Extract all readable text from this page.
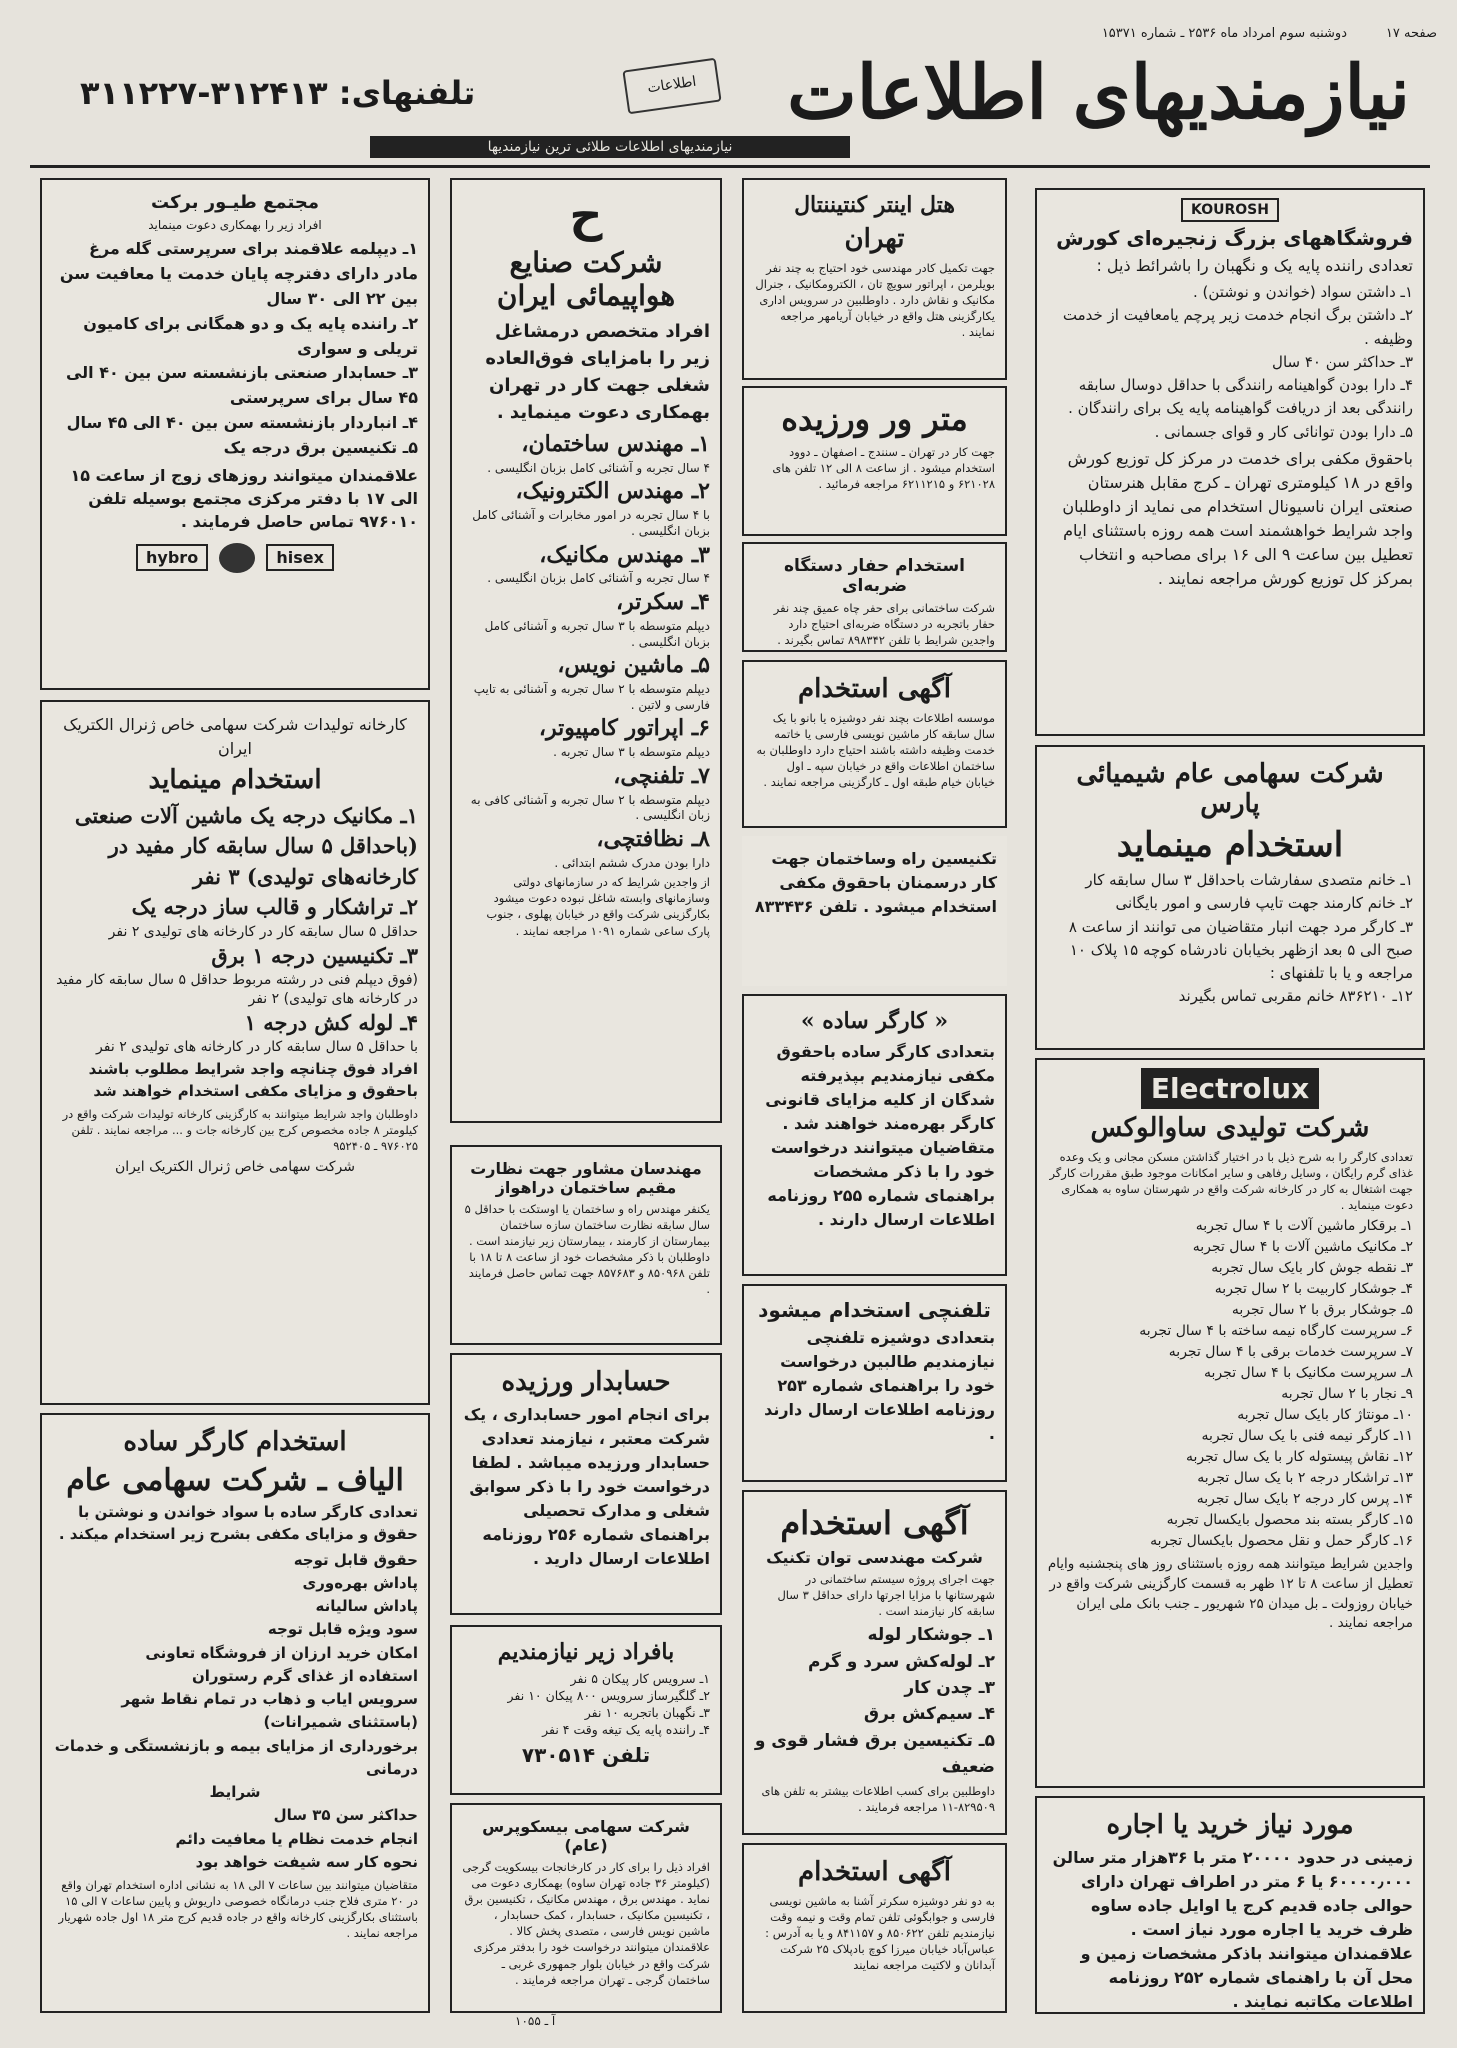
صفحه ۱۷
دوشنبه سوم امرداد ماه ۲۵۳۶ ـ شماره ۱۵۳۷۱
نیازمندیهای اطلاعات
اطلاعات
تلفنهای: ۳۱۲۴۱۳-۳۱۱۲۲۷
نیازمندیهای اطلاعات طلائی ترین نیازمندیها
KOUROSH
فروشگاههای بزرگ زنجیره‌ای کورش

تعدادی راننده پایه یک و نگهبان را باشرائط ذیل :

۱ـ داشتن سواد (خواندن و نوشتن) .
۲ـ داشتن برگ انجام خدمت زیر پرچم یامعافیت از خدمت وظیفه .
۳ـ حداکثر سن ۴۰ سال
۴ـ دارا بودن گواهینامه رانندگی با حداقل دوسال سابقه رانندگی بعد از دریافت گواهینامه پایه یک برای رانندگان .
۵ـ دارا بودن توانائی کار و قوای جسمانی .

باحقوق مکفی برای خدمت در مرکز کل توزیع کورش واقع در ۱۸ کیلومتری تهران ـ کرج مقابل هنرستان صنعتی ایران ناسیونال استخدام می نماید از داوطلبان واجد شرایط خواهشمند است همه روزه باستثنای ایام تعطیل بین ساعت ۹ الی ۱۶ برای مصاحبه و انتخاب بمرکز کل توزیع کورش مراجعه نمایند .

شرکت سهامی عام شیمیائی پارس
استخدام مینماید
۱ـ خانم متصدی سفارشات باحداقل ۳ سال سابقه کار
۲ـ خانم کارمند جهت تایپ فارسی و امور بایگانی
۳ـ کارگر مرد جهت انبار متقاضیان می توانند از ساعت ۸ صبح الی ۵ بعد ازظهر بخیابان نادرشاه کوچه ۱۵ پلاک ۱۰ مراجعه و یا با تلفنهای :
۱۲ـ ۸۳۶۲۱۰ خانم مقربی تماس بگیرند
Electrolux
شرکت تولیدی ساوالوکس

تعدادی کارگر را به شرح ذیل با در اختیار گذاشتن مسکن مجانی و یک وعده غذای گرم رایگان ، وسایل رفاهی و سایر امکانات موجود طبق مقررات کارگر جهت اشتغال به کار در کارخانه شرکت واقع در شهرستان ساوه به همکاری دعوت مینماید .

۱ـ برقکار ماشین آلات با ۴ سال تجربه
۲ـ مکانیک ماشین آلات با ۴ سال تجربه
۳ـ نقطه جوش کار بایک سال تجربه
۴ـ جوشکار کاربیت با ۲ سال تجربه
۵ـ جوشکار برق با ۲ سال تجربه
۶ـ سرپرست کارگاه نیمه ساخته با ۴ سال تجربه
۷ـ سرپرست خدمات برقی با ۴ سال تجربه
۸ـ سرپرست مکانیک با ۴ سال تجربه
۹ـ نجار با ۲ سال تجربه
۱۰ـ مونتاژ کار بایک سال تجربه
۱۱ـ کارگر نیمه فنی با یک سال تجربه
۱۲ـ نقاش پیستوله کار با یک سال تجربه
۱۳ـ تراشکار درجه ۲ با یک سال تجربه
۱۴ـ پرس کار درجه ۲ بایک سال تجربه
۱۵ـ کارگر بسته بند محصول بایکسال تجربه
۱۶ـ کارگر حمل و نقل محصول بایکسال تجربه

واجدین شرایط میتوانند همه روزه باستثنای روز های پنجشنبه وایام تعطیل از ساعت ۸ تا ۱۲ ظهر به قسمت کارگزینی شرکت واقع در خیابان روزولت ـ بل میدان ۲۵ شهریور ـ جنب بانک ملی ایران مراجعه نمایند .

مورد نیاز خرید یا اجاره

زمینی در حدود ۲۰۰۰۰ متر با ۳۶هزار متر سالن ۶۰۰۰۰٫۰۰۰ یا ۶ متر در اطراف تهران دارای حوالی جاده قدیم کرج یا اوایل جاده ساوه ظرف خرید یا اجاره مورد نیاز است . علاقمندان میتوانند باذکر مشخصات زمین و محل آن با راهنمای شماره ۲۵۲ روزنامه اطلاعات مکاتبه نمایند .

هتل اینتر کنتیننتال
تهران

جهت تکمیل کادر مهندسی خود احتیاج به چند نفر بویلرمن ، اپراتور سویچ‌ تان ، الکترومکانیک ، جنرال مکانیک و نقاش دارد . داوطلبین در سرویس اداری یکارگزینی هتل واقع در خیابان آریامهر مراجعه نمایند .

متر ور ورزیده

جهت کار در تهران ـ سنندج ـ اصفهان ـ دوود استخدام میشود . از ساعت ۸ الی ۱۲ تلفن های ۶۲۱۰۲۸ و ۶۲۱۱۲۱۵ مراجعه فرمائید .

استخدام حفار دستگاه ضربه‌ای

شرکت ساختمانی برای حفر چاه عمیق چند نفر حفار باتجربه در دستگاه ضربه‌ای احتیاج دارد واجدین شرایط با تلفن ۸۹۸۳۴۲ تماس بگیرند .

آگهی استخدام

موسسه اطلاعات بچند نفر دوشیزه یا بانو با یک سال سابقه کار ماشین نویسی فارسی یا خاتمه خدمت وظیفه داشته باشند احتیاج دارد داوطلبان به ساختمان اطلاعات واقع در خیابان سپه ـ اول خیابان خیام طبقه اول ـ کارگزینی مراجعه نمایند .

تکنیسین راه وساختمان جهت کار درسمنان باحقوق مکفی استخدام میشود . تلفن ۸۳۳۴۳۶

« کارگر ساده »

بتعدادی کارگر ساده باحقوق مکفی نیازمندیم بپذیرفته شدگان از کلیه مزایای قانونی کارگر بهره‌مند خواهند شد . متقاضیان میتوانند درخواست خود را با ذکر مشخصات براهنمای شماره ۲۵۵ روزنامه اطلاعات ارسال دارند .

تلفنچی استخدام میشود

بتعدادی دوشیزه تلفنچی نیازمندیم طالبین درخواست خود را براهنمای شماره ۲۵۳ روزنامه اطلاعات ارسال دارند .

آگهی استخدام
شرکت مهندسی توان تکنیک

جهت اجرای پروژه‌ سیستم ساختمانی در شهرستانها با مزایا اجرتها دارای حداقل ۳ سال سابقه کار نیازمند است .

۱ـ جوشکار لوله
۲ـ لوله‌کش سرد و گرم
۳ـ چدن کار
۴ـ سیم‌کش برق
۵ـ تکنیسین برق فشار قوی و ضعیف

داوطلبین برای کسب اطلاعات بیشتر به تلفن های ۸۲۹۵۰۹-۱۱ مراجعه فرمایند .

آگهی استخدام

به دو نفر دوشیزه سکرتر آشنا به ماشین نویسی فارسی و جوابگوئی تلفن تمام وقت و نیمه وقت نیازمندیم تلفن ۸۵۰۶۲۲ و ۸۴۱۱۵۷ و یا به آدرس : عباس‌آباد خیابان میرزا کوچ بادپلاک ۲۵ شرکت آبدانان و لاکتیت مراجعه نمایند

ح
شرکت صنایع هواپیمائی ایران

افراد متخصص درمشاغل زیر را بامزایای فوق‌العاده شغلی جهت کار در تهران بهمکاری دعوت مینماید .

۱ـ مهندس ساختمان،
۴ سال تجربه و آشنائی کامل بزبان انگلیسی .
۲ـ مهندس الکترونیک،
با ۴ سال تجربه در امور مخابرات و آشنائی کامل بزبان انگلیسی .
۳ـ مهندس مکانیک،
۴ سال تجربه و آشنائی کامل بزبان انگلیسی .
۴ـ سکرتر،
دیپلم متوسطه با ۳ سال تجربه و آشنائی کامل بزبان انگلیسی .
۵ـ ماشین نویس،
دیپلم متوسطه با ۲ سال تجربه و آشنائی به تایپ فارسی و لاتین .
۶ـ اپراتور کامپیوتر،
دیپلم متوسطه با ۳ سال تجربه .
۷ـ تلفنچی،
دیپلم متوسطه با ۲ سال تجربه و آشنائی کافی به زبان انگلیسی .
۸ـ نظافتچی،
دارا بودن مدرک ششم ابتدائی .

از واجدین شرایط که در سازمانهای دولتی وسازمانهای وابسته شاغل نبوده دعوت میشود بکارگزینی شرکت واقع در خیابان پهلوی ، جنوب پارک ساعی شماره ۱۰۹۱ مراجعه نمایند .

مهندسان مشاور جهت نظارت مقیم ساختمان دراهواز

یکنفر مهندس راه و ساختمان یا اوستکت با حداقل ۵ سال سابقه نظارت ساختمان سازه ساختمان بیمارستان از کارمند ، بیمارستان زیر نیازمند است . داوطلبان با ذکر مشخصات خود از ساعت ۸ تا ۱۸ با تلفن ۸۵۰۹۶۸ و ۸۵۷۶۸۳ جهت تماس حاصل فرمایند .

حسابدار ورزیده

برای انجام امور حسابداری ، یک شرکت معتبر ، نیازمند تعدادی حسابدار ورزیده میباشد . لطفا درخواست خود را با ذکر سوابق شغلی و مدارک تحصیلی براهنمای شماره ۲۵۶ روزنامه اطلاعات ارسال دارید .

بافراد زیر نیازمندیم
۱ـ سرویس کار پیکان ۵ نفر
۲ـ گلگیرساز سرویس ۸۰۰ پیکان ۱۰ نفر
۳ـ نگهبان باتجربه ۱۰ نفر
۴ـ راننده پایه یک تیغه وقت ۴ نفر
تلفن ۷۳۰۵۱۴
شرکت سهامی بیسکوپرس (عام)

افراد ذیل را برای کار در کارخانجات بیسکویت گرجی (کیلومتر ۳۶ جاده تهران ساوه) بهمکاری دعوت می نماید . مهندس برق ، مهندس مکانیک ، تکنیسین برق ، تکنیسین مکانیک ، حسابدار ، کمک حسابدار ، ماشین نویس فارسی ، متصدی پخش کالا . علاقمندان میتوانند درخواست خود را بدفتر مرکزی شرکت واقع در خیابان بلوار جمهوری غربی ـ ساختمان گرجی ـ تهران مراجعه فرمایند .

مجتمع طیـور برکت

افراد زیر را بهمکاری دعوت مینماید

۱ـ دیپلمه علاقمند برای سرپرستی گله مرغ مادر دارای دفترچه پایان خدمت یا معافیت سن بین ۲۲ الی ۳۰ سال
۲ـ راننده پایه یک و دو همگانی برای کامیون تریلی و سواری
۳ـ حسابدار صنعتی بازنشسته سن بین ۴۰ الی ۴۵ سال برای سرپرستی
۴ـ انباردار بازنشسته سن بین ۴۰ الی ۴۵ سال
۵ـ تکنیسین برق درجه یک

علاقمندان میتوانند روزهای زوج از ساعت ۱۵ الی ۱۷ با دفتر مرکزی مجتمع بوسیله تلفن ۹۷۶۰۱۰ تماس حاصل فرمایند .

hybro	hisex

کارخانه تولیدات شرکت سهامی خاص ژنرال الکتریک ایران

استخدام مینماید
۱ـ مکانیک درجه یک ماشین آلات صنعتی (باحداقل ۵ سال سابقه کار مفید در کارخانه‌های تولیدی) ۳ نفر
۲ـ تراشکار و قالب ساز درجه یک
حداقل ۵ سال سابقه کار در کارخانه های تولیدی ۲ نفر
۳ـ تکنیسین درجه ۱ برق
(فوق دیپلم فنی در رشته مربوط حداقل ۵ سال سابقه کار مفید در کارخانه های تولیدی) ۲ نفر
۴ـ لوله کش درجه ۱
با حداقل ۵ سال سابقه کار در کارخانه های تولیدی ۲ نفر

افراد فوق چنانچه واجد شرایط مطلوب باشند باحقوق و مزایای مکفی استخدام خواهند شد

داوطلبان واجد شرایط میتوانند به کارگزینی کارخانه تولیدات شرکت واقع در کیلومتر ۸ جاده مخصوص کرج بین کارخانه جات و ... مراجعه نمایند . تلفن ۹۷۶۰۲۵ ـ ۹۵۲۴۰۵

شرکت سهامی خاص ژنرال الکتریک ایران

استخدام کارگر ساده
الیاف ـ شرکت سهامی عام

تعدادی کارگر ساده با سواد خواندن و نوشتن با حقوق و مزایای مکفی بشرح زیر استخدام میکند .

حقوق قابل توجه
پاداش بهره‌وری
پاداش سالیانه
سود ویژه قابل توجه
امکان خرید ارزان از فروشگاه تعاونی
استفاده از غذای گرم رستوران
سرویس ایاب و ذهاب در تمام نقاط شهر (باستثنای شمیرانات)
برخورداری از مزایای بیمه و بازنشستگی و خدمات درمانی
شرایط
حداکثر سن ۳۵ سال
انجام خدمت نظام یا معافیت دائم
نحوه کار سه شیفت خواهد بود

متقاضیان میتوانند بین ساعات ۷ الی ۱۸ به نشانی اداره استخدام تهران واقع در ۲۰ متری فلاح جنب درمانگاه خصوصی داریوش و پایین ساعات ۷ الی ۱۵ باستثنای بکارگزینی کارخانه واقع در جاده قدیم کرج متر ۱۸ اول جاده شهریار مراجعه نمایند .

آ ـ ۱۰۵۵
